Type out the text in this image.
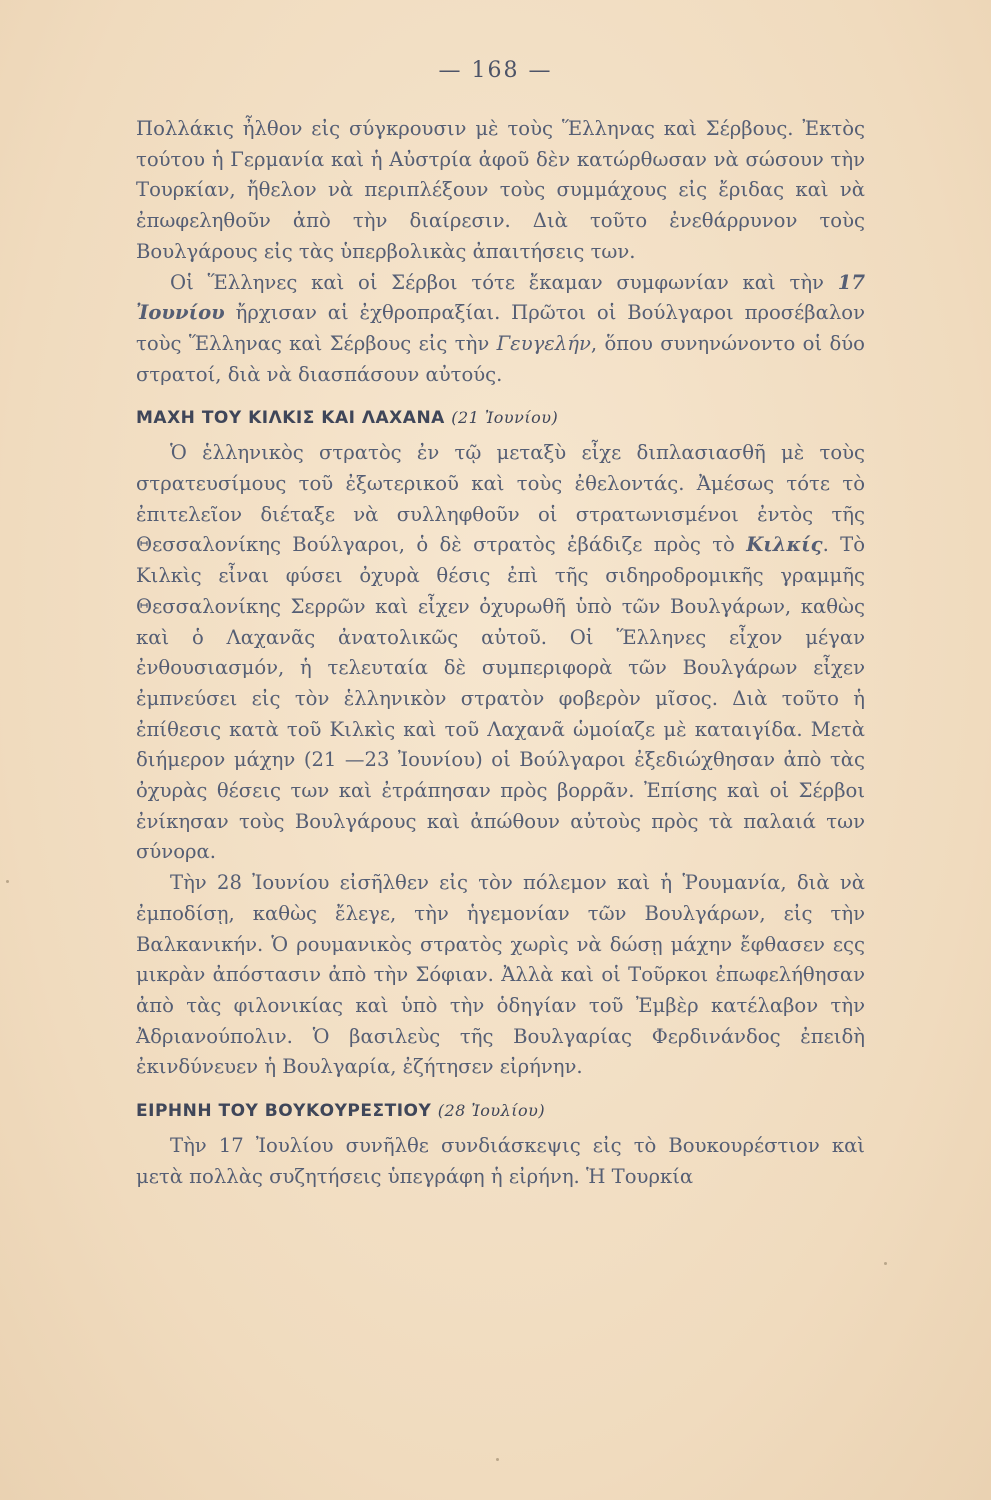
— 168 —

Πολλάκις ἦλθον εἰς σύγκρουσιν μὲ τοὺς Ἕλληνας καὶ Σέρβους. Ἐκτὸς τούτου ἡ Γερμανία καὶ ἡ Αὐστρία ἀφοῦ δὲν κατώρθωσαν νὰ σώσουν τὴν Τουρκίαν, ἤθελον νὰ περιπλέξουν τοὺς συμμάχους εἰς ἔριδας καὶ νὰ ἐπωφεληθοῦν ἀπὸ τὴν διαίρεσιν. Διὰ τοῦτο ἐνεθάρρυνον τοὺς Βουλγάρους εἰς τὰς ὑπερβολικὰς ἀπαιτήσεις των.

Οἱ Ἕλληνες καὶ οἱ Σέρβοι τότε ἔκαμαν συμφωνίαν καὶ τὴν 17 Ἰουνίου ἤρχισαν αἱ ἐχθροπραξίαι. Πρῶτοι οἱ Βούλγαροι προσέβαλον τοὺς Ἕλληνας καὶ Σέρβους εἰς τὴν Γευγελήν, ὅπου συνηνώνοντο οἱ δύο στρατοί, διὰ νὰ διασπάσουν αὐτούς.

ΜΑΧΗ ΤΟΥ ΚΙΛΚΙΣ ΚΑΙ ΛΑΧΑΝΑ (21 Ἰουνίου)

Ὁ ἑλληνικὸς στρατὸς ἐν τῷ μεταξὺ εἶχε διπλασιασθῆ μὲ τοὺς στρατευσίμους τοῦ ἐξωτερικοῦ καὶ τοὺς ἐθελοντάς. Ἀμέσως τότε τὸ ἐπιτελεῖον διέταξε νὰ συλληφθοῦν οἱ στρατωνισμένοι ἐντὸς τῆς Θεσσαλονίκης Βούλγαροι, ὁ δὲ στρατὸς ἐβάδιζε πρὸς τὸ Κιλκίς. Τὸ Κιλκὶς εἶναι φύσει ὀχυρὰ θέσις ἐπὶ τῆς σιδηροδρομικῆς γραμμῆς Θεσσαλονίκης Σερρῶν καὶ εἶχεν ὀχυρωθῆ ὑπὸ τῶν Βουλγάρων, καθὼς καὶ ὁ Λαχανᾶς ἀνατολικῶς αὐτοῦ. Οἱ Ἕλληνες εἶχον μέγαν ἐνθουσιασμόν, ἡ τελευταία δὲ συμπεριφορὰ τῶν Βουλγάρων εἶχεν ἐμπνεύσει εἰς τὸν ἑλληνικὸν στρατὸν φοβερὸν μῖσος. Διὰ τοῦτο ἡ ἐπίθεσις κατὰ τοῦ Κιλκὶς καὶ τοῦ Λαχανᾶ ὡμοίαζε μὲ καταιγίδα. Μετὰ διήμερον μάχην (21 —23 Ἰουνίου) οἱ Βούλγαροι ἐξεδιώχθησαν ἀπὸ τὰς ὀχυρὰς θέσεις των καὶ ἐτράπησαν πρὸς βορρᾶν. Ἐπίσης καὶ οἱ Σέρβοι ἐνίκησαν τοὺς Βουλγάρους καὶ ἀπώθουν αὐτοὺς πρὸς τὰ παλαιά των σύνορα.

Τὴν 28 Ἰουνίου εἰσῆλθεν εἰς τὸν πόλεμον καὶ ἡ Ῥουμανία, διὰ νὰ ἐμποδίσῃ, καθὼς ἔλεγε, τὴν ἡγεμονίαν τῶν Βουλγάρων, εἰς τὴν Βαλκανικήν. Ὁ ρουμανικὸς στρατὸς χωρὶς νὰ δώσῃ μάχην ἔφθασεν εςς μικρὰν ἀπόστασιν ἀπὸ τὴν Σόφιαν. Ἀλλὰ καὶ οἱ Τοῦρκοι ἐπωφελήθησαν ἀπὸ τὰς φιλονικίας καὶ ὑπὸ τὴν ὁδηγίαν τοῦ Ἐμβὲρ κατέλαβον τὴν Ἀδριανούπολιν. Ὁ βασιλεὺς τῆς Βουλγαρίας Φερδινάνδος ἐπειδὴ ἐκινδύνευεν ἡ Βουλγαρία, ἐζήτησεν εἰρήνην.

ΕΙΡΗΝΗ ΤΟΥ ΒΟΥΚΟΥΡΕΣΤΙΟΥ (28 Ἰουλίου)

Τὴν 17 Ἰουλίου συνῆλθε συνδιάσκεψις εἰς τὸ Βουκουρέστιον καὶ μετὰ πολλὰς συζητήσεις ὑπεγράφη ἡ εἰρήνη. Ἡ Τουρκία
